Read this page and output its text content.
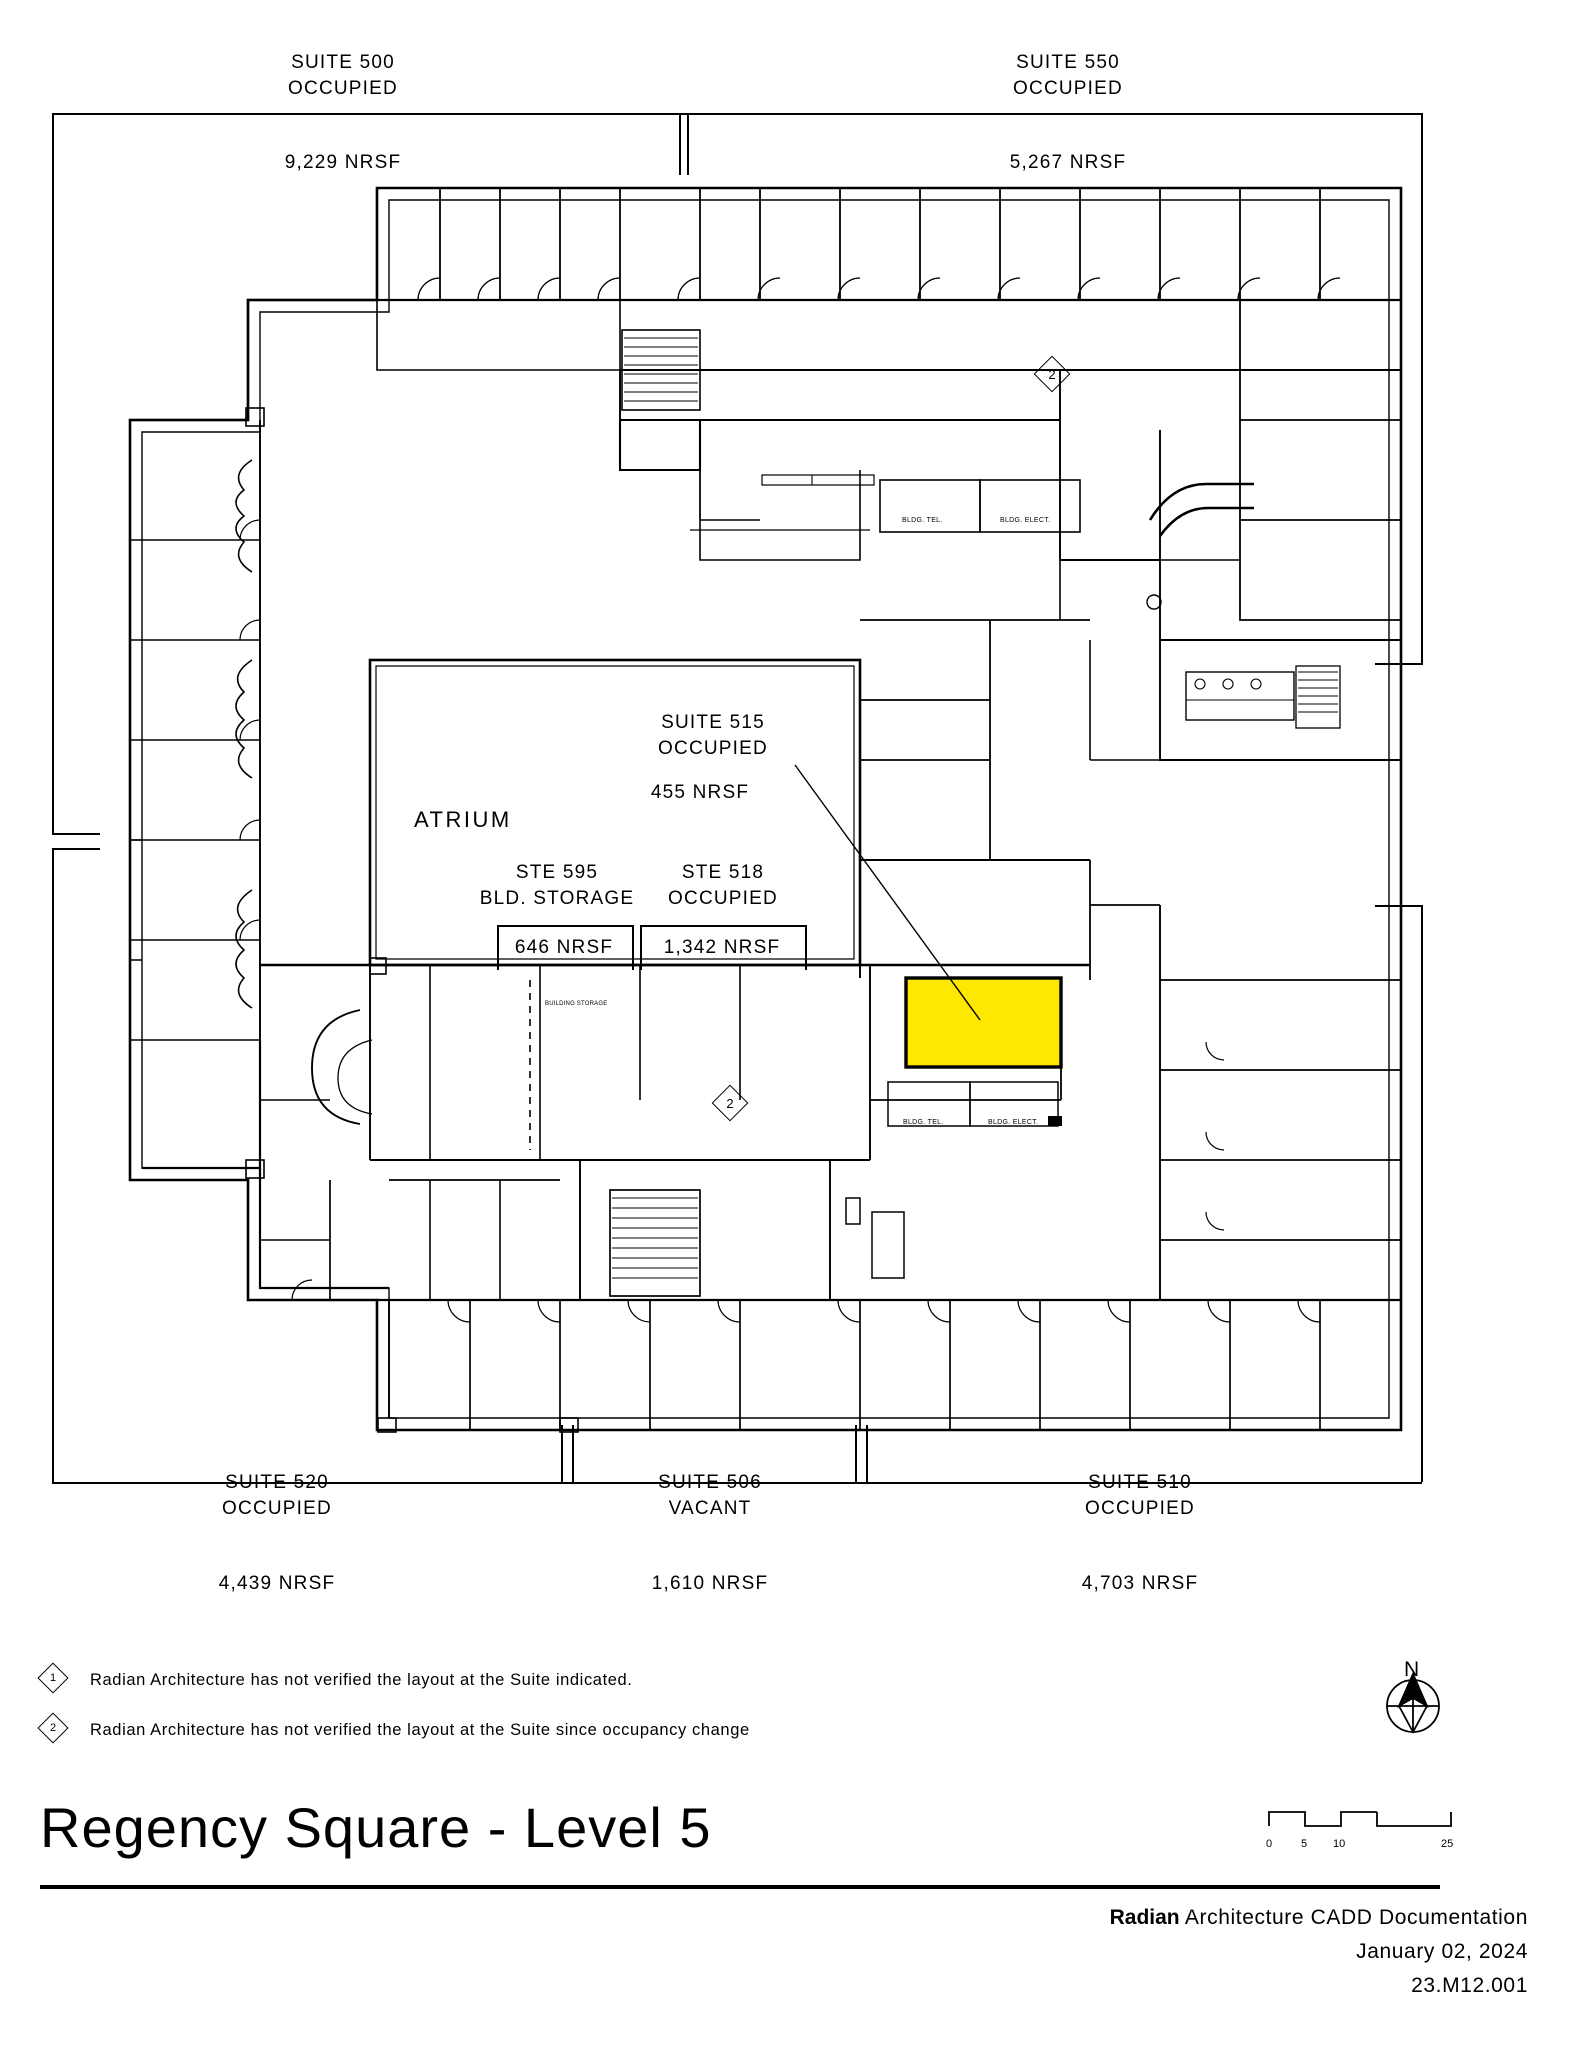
SUITE 500
OCCUPIED
SUITE 550
OCCUPIED
9,229 NRSF	5,267 NRSF
SUITE 520
OCCUPIED
SUITE 506
VACANT
SUITE 510
OCCUPIED
4,439 NRSF	1,610 NRSF	4,703 NRSF
ATRIUM
SUITE 515
OCCUPIED
455 NRSF
STE 595
BLD. STORAGE
STE 518
OCCUPIED
646 NRSF	1,342 NRSF
BUILDING STORAGE
BLDG. TEL.	BLDG. ELECT.
BLDG. TEL.	BLDG. ELECT.
2
2
1	Radian Architecture has not verified the layout at the Suite indicated.
2	Radian Architecture has not verified the layout at the Suite since occupancy change
N
Regency Square - Level 5	0	5 10	25
Radian Architecture CADD Documentation
January 02, 2024
23.M12.001
